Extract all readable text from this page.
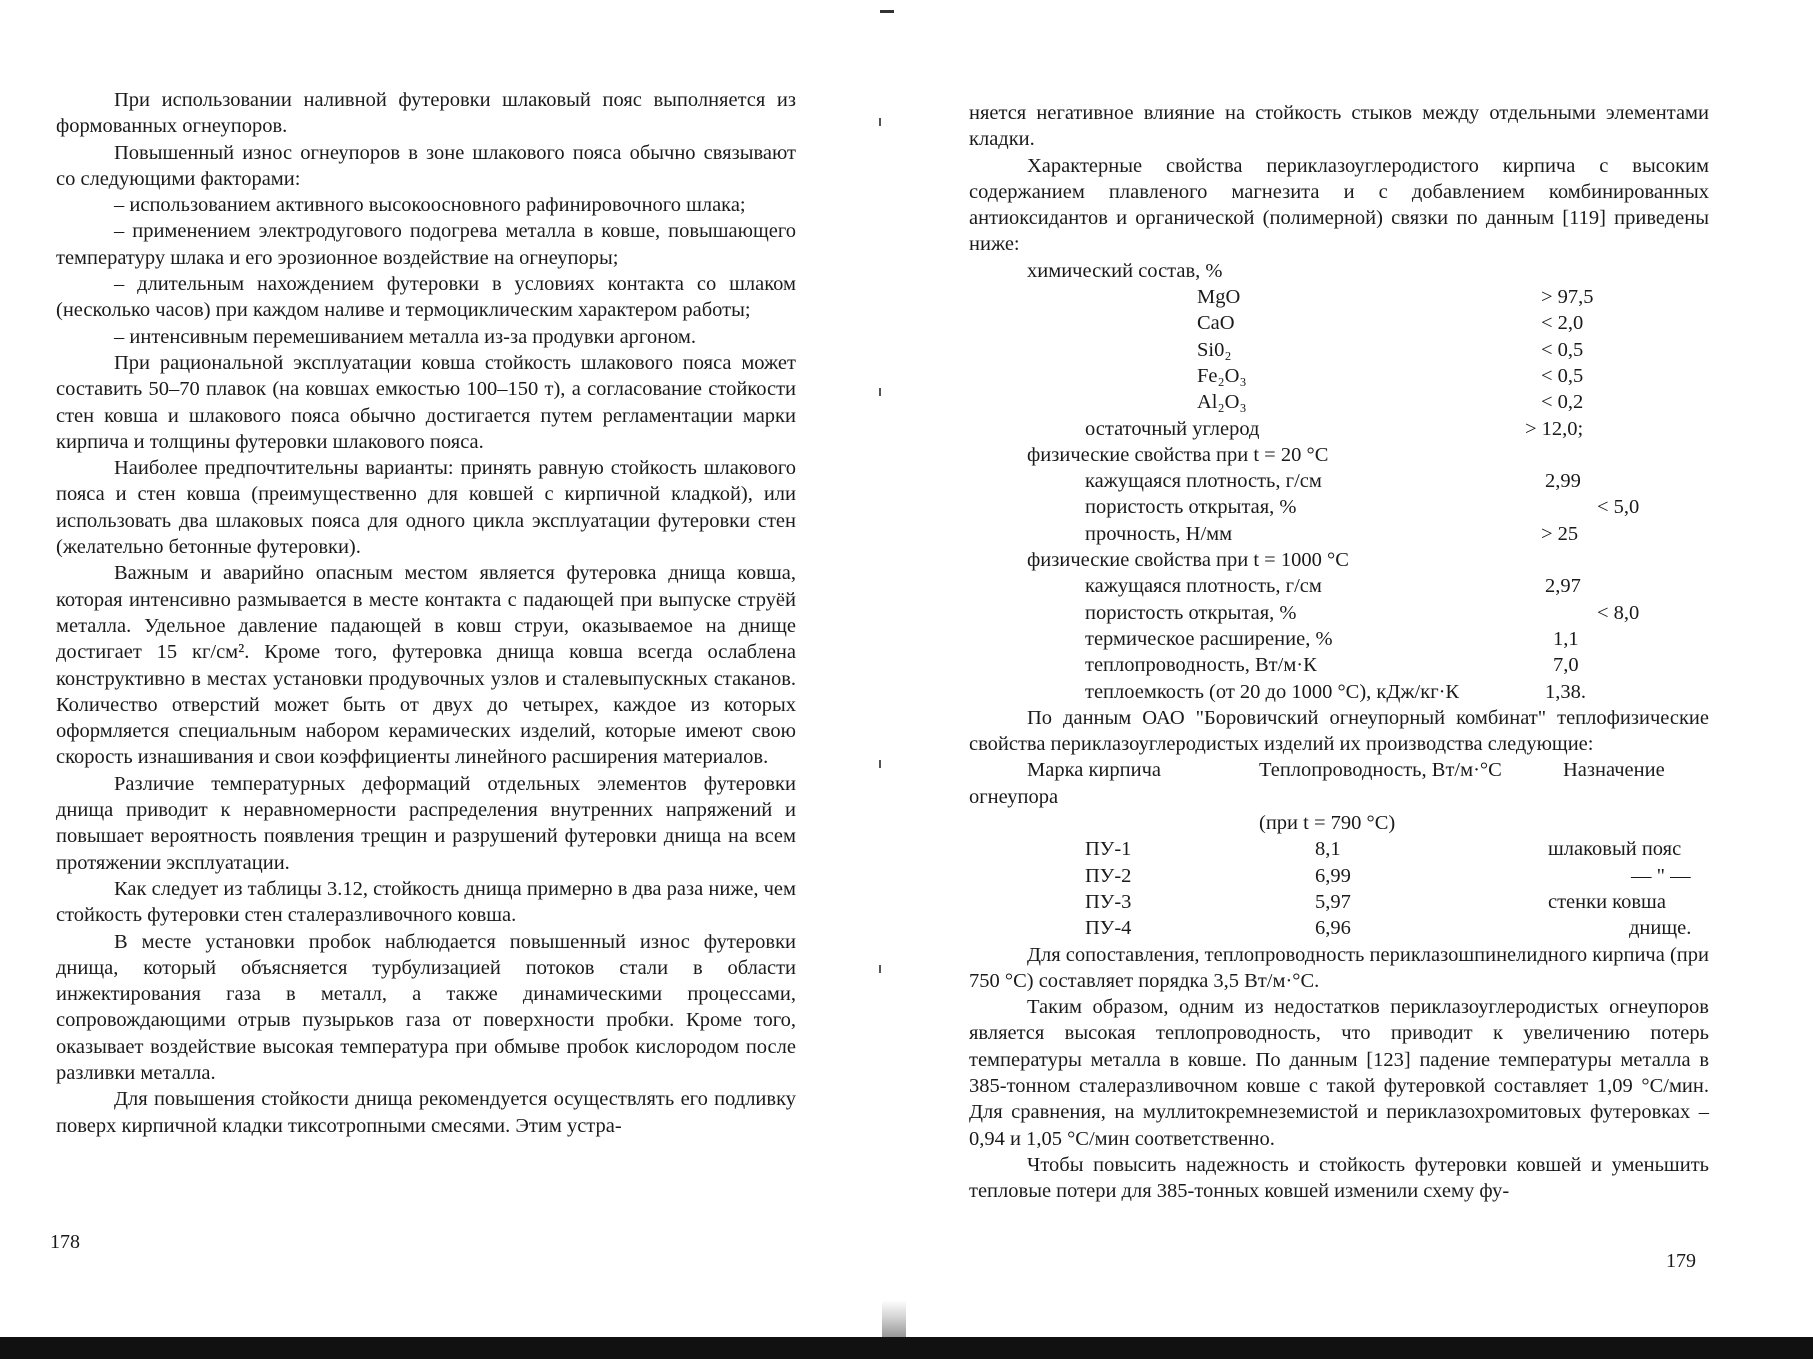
При использовании наливной футеровки шлаковый пояс выполняется из формованных огнеупоров.

Повышенный износ огнеупоров в зоне шлакового пояса обычно связывают со следующими факторами:

– использованием активного высокоосновного рафинировочного шлака;

– применением электродугового подогрева металла в ковше, повышающего температуру шлака и его эрозионное воздействие на огнеупоры;

– длительным нахождением футеровки в условиях контакта со шлаком (несколько часов) при каждом наливе и термоциклическим характером работы;

– интенсивным перемешиванием металла из-за продувки аргоном.

При рациональной эксплуатации ковша стойкость шлакового пояса может составить 50–70 плавок (на ковшах емкостью 100–150 т), а согласование стойкости стен ковша и шлакового пояса обычно достигается путем регламентации марки кирпича и толщины футеровки шлакового пояса.

Наиболее предпочтительны варианты: принять равную стойкость шлакового пояса и стен ковша (преимущественно для ковшей с кирпичной кладкой), или использовать два шлаковых пояса для одного цикла эксплуатации футеровки стен (желательно бетонные футеровки).

Важным и аварийно опасным местом является футеровка днища ковша, которая интенсивно размывается в месте контакта с падающей при выпуске струёй металла. Удельное давление падающей в ковш струи, оказываемое на днище достигает 15 кг/см². Кроме того, футеровка днища ковша всегда ослаблена конструктивно в местах установки продувочных узлов и сталевыпускных стаканов. Количество отверстий может быть от двух до четырех, каждое из которых оформляется специальным набором керамических изделий, которые имеют свою скорость изнашивания и свои коэффициенты линейного расширения материалов.

Различие температурных деформаций отдельных элементов футеровки днища приводит к неравномерности распределения внутренних напряжений и повышает вероятность появления трещин и разрушений футеровки днища на всем протяжении эксплуатации.

Как следует из таблицы 3.12, стойкость днища примерно в два раза ниже, чем стойкость футеровки стен сталеразливочного ковша.

В месте установки пробок наблюдается повышенный износ футеровки днища, который объясняется турбулизацией потоков стали в области инжектирования газа в металл, а также динамическими процессами, сопровождающими отрыв пузырьков газа от поверхности пробки. Кроме того, оказывает воздействие высокая температура при обмыве пробок кислородом после разливки металла.

Для повышения стойкости днища рекомендуется осуществлять его подливку поверх кирпичной кладки тиксотропными смесями. Этим устра-

178

няется негативное влияние на стойкость стыков между отдельными элементами кладки.

Характерные свойства периклазоуглеродистого кирпича с высоким содержанием плавленого магнезита и с добавлением комбинированных антиоксидантов и органической (полимерной) связки по данным [119] приведены ниже:

химический состав, %
MgO	> 97,5
CaO	< 2,0
Si0₂	< 0,5
Fe₂O₃	< 0,5
Al₂O₃	< 0,2
остаточный углерод	> 12,0;
физические свойства при t = 20 °С
кажущаяся плотность, г/см	2,99
пористость открытая, %	< 5,0
прочность, Н/мм	> 25
физические свойства при t = 1000 °С
кажущаяся плотность, г/см	2,97
пористость открытая, %	< 8,0
термическое расширение, %	1,1
теплопроводность, Вт/м·К	7,0
теплоемкость (от 20 до 1000 °С), кДж/кг·К	1,38.

По данным ОАО "Боровичский огнеупорный комбинат" теплофизические свойства периклазоуглеродистых изделий их производства следующие:

Марка кирпича	Теплопроводность, Вт/м·°С	Назначение
огнеупора
(при t = 790 °С)
ПУ-1	8,1	шлаковый пояс
ПУ-2	6,99	— " —
ПУ-3	5,97	стенки ковша
ПУ-4	6,96	днище.

Для сопоставления, теплопроводность периклазошпинелидного кирпича (при 750 °С) составляет порядка 3,5 Вт/м·°С.

Таким образом, одним из недостатков периклазоуглеродистых огнеупоров является высокая теплопроводность, что приводит к увеличению потерь температуры металла в ковше. По данным [123] падение температуры металла в 385-тонном сталеразливочном ковше с такой футеровкой составляет 1,09 °С/мин. Для сравнения, на муллитокремнеземистой и периклазохромитовых футеровках – 0,94 и 1,05 °С/мин соответственно.

Чтобы повысить надежность и стойкость футеровки ковшей и уменьшить тепловые потери для 385-тонных ковшей изменили схему фу-

179
